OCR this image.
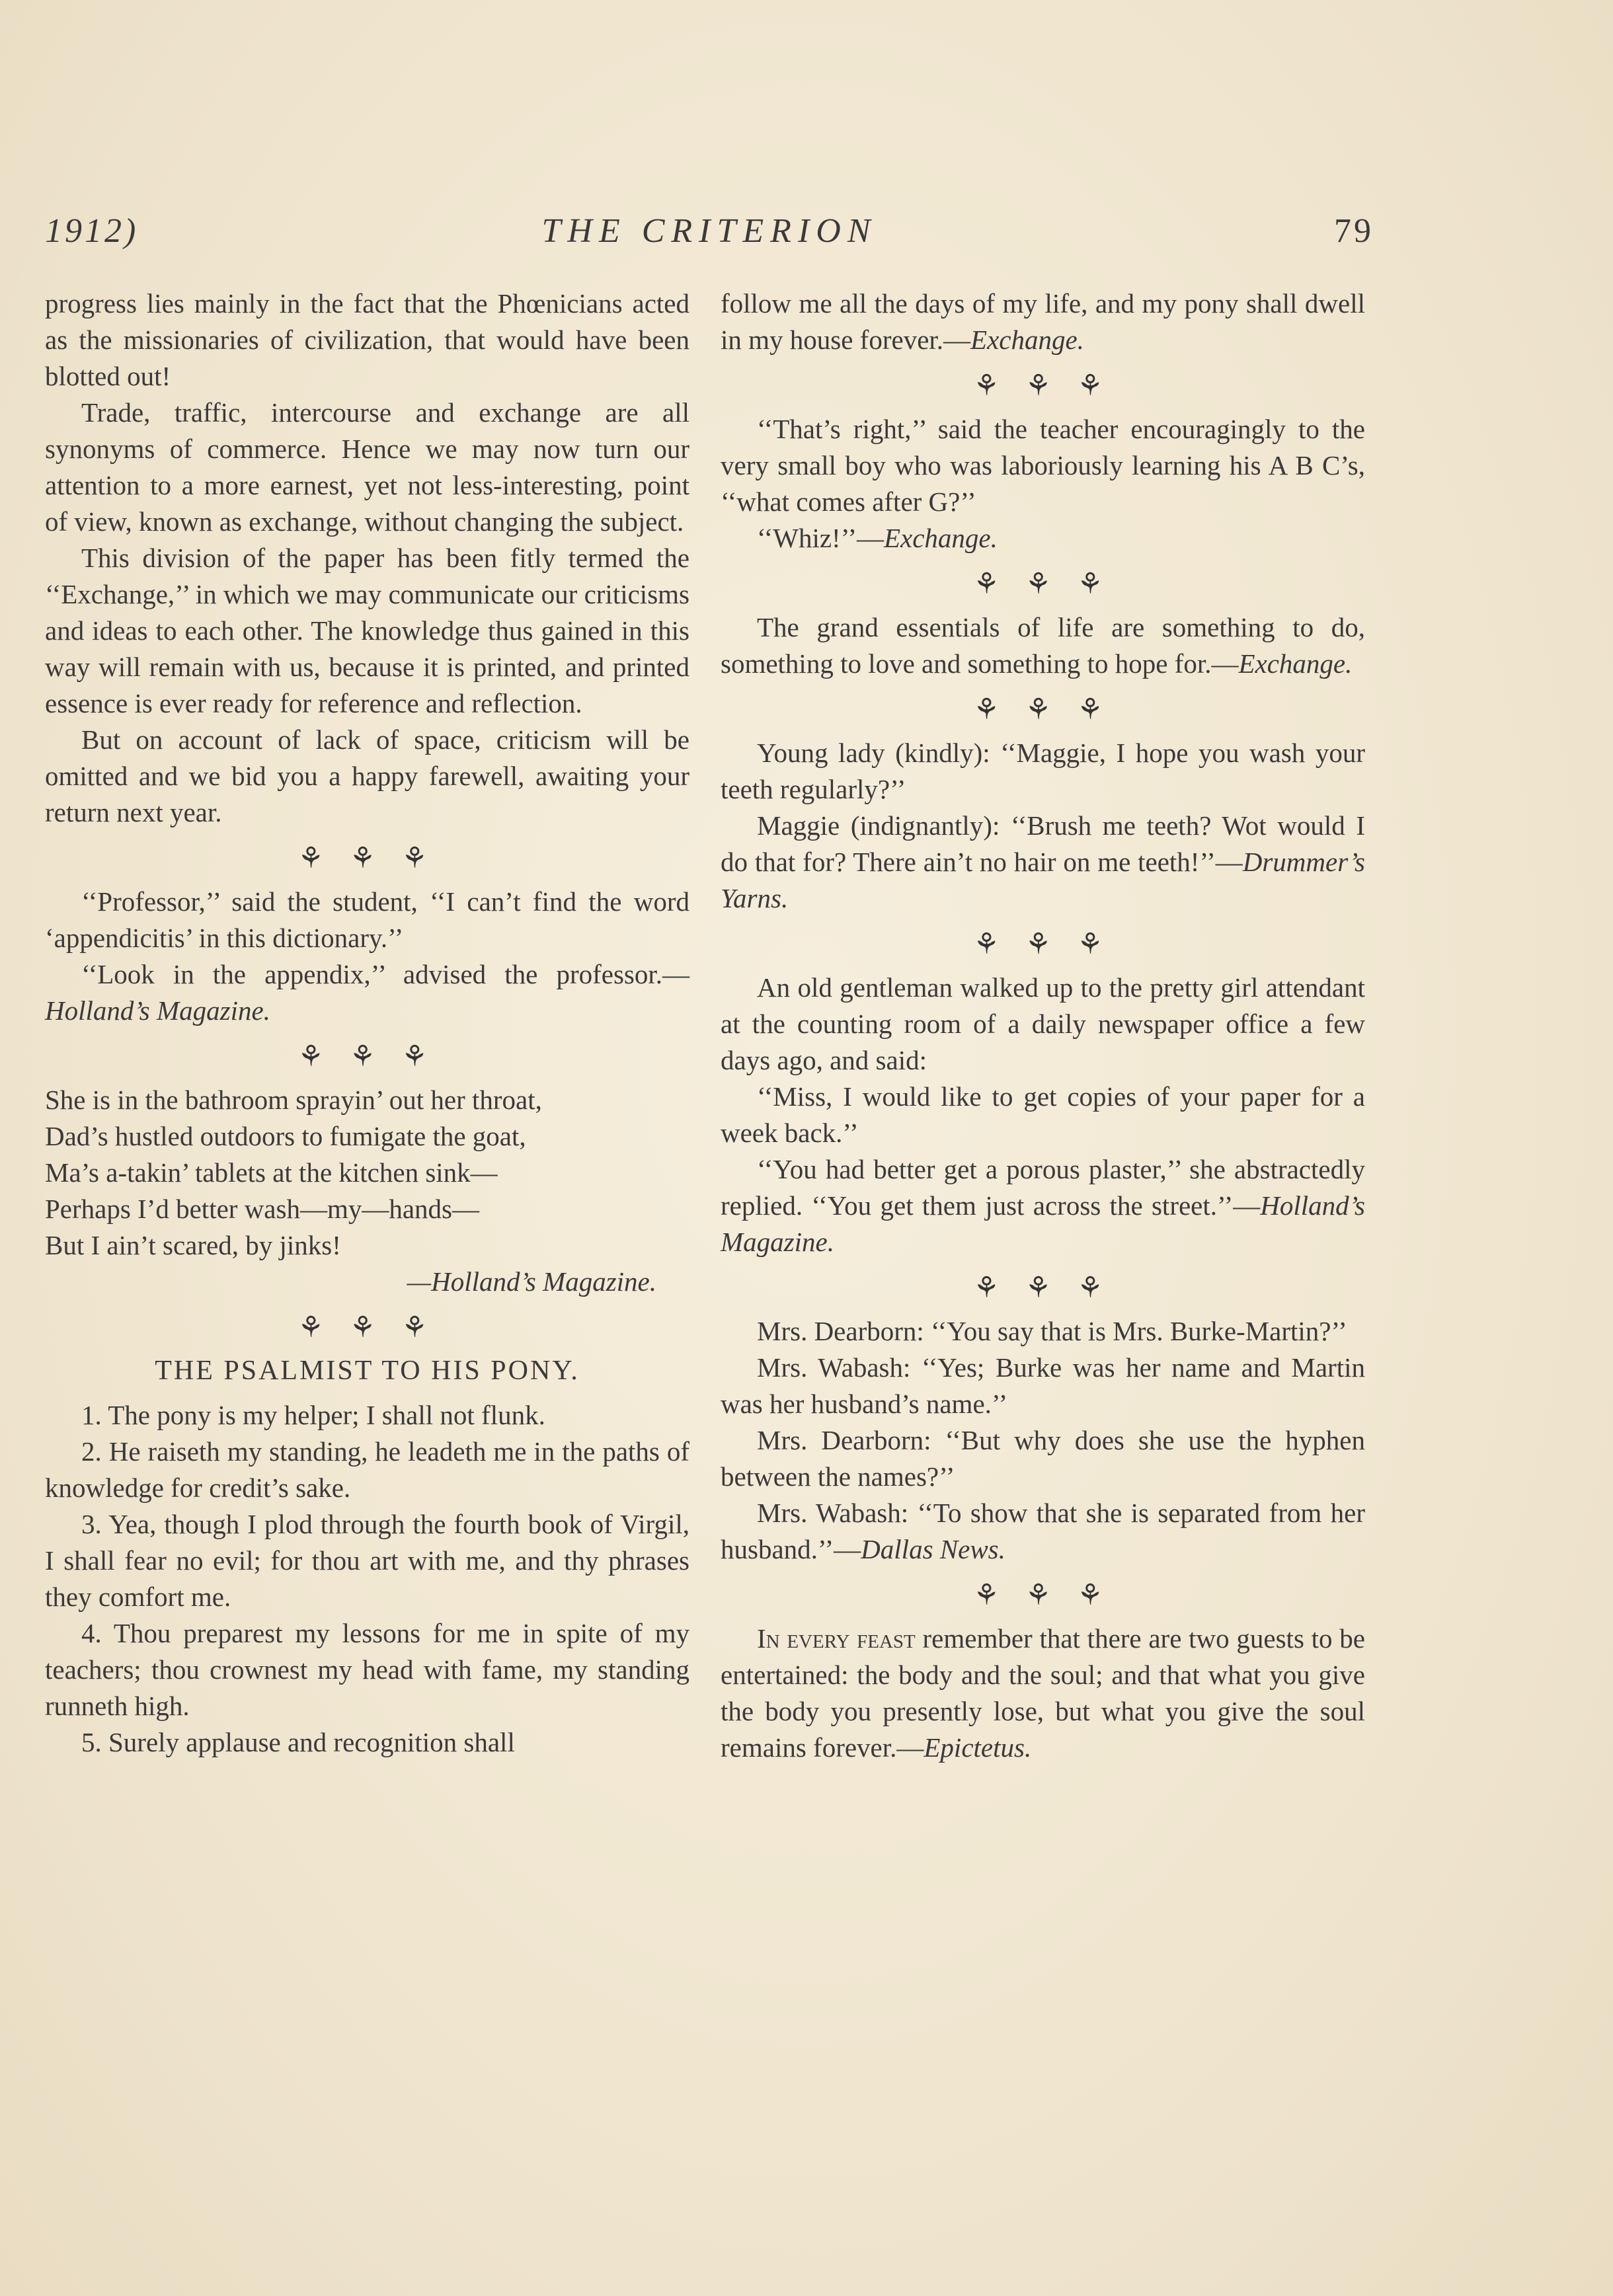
1912)	THE CRITERION	79

progress lies mainly in the fact that the Phœnicians acted as the missionaries of civilization, that would have been blotted out!

Trade, traffic, intercourse and exchange are all synonyms of commerce. Hence we may now turn our attention to a more earnest, yet not less-interesting, point of view, known as exchange, without changing the subject.

This division of the paper has been fitly termed the ‘‘Exchange,’’ in which we may communicate our criticisms and ideas to each other. The knowledge thus gained in this way will remain with us, because it is printed, and printed essence is ever ready for reference and reflection.

But on account of lack of space, criticism will be omitted and we bid you a happy farewell, awaiting your return next year.

⚘ ⚘ ⚘

‘‘Professor,’’ said the student, ‘‘I can’t find the word ‘appendicitis’ in this dictionary.’’

‘‘Look in the appendix,’’ advised the professor.—Holland’s Magazine.

⚘ ⚘ ⚘
She is in the bathroom sprayin’ out her throat,
Dad’s hustled outdoors to fumigate the goat,
Ma’s a-takin’ tablets at the kitchen sink—
Perhaps I’d better wash—my—hands—
But I ain’t scared, by jinks!
—Holland’s Magazine.
⚘ ⚘ ⚘
THE PSALMIST TO HIS PONY.

1. The pony is my helper; I shall not flunk.

2. He raiseth my standing, he leadeth me in the paths of knowledge for credit’s sake.

3. Yea, though I plod through the fourth book of Virgil, I shall fear no evil; for thou art with me, and thy phrases they comfort me.

4. Thou preparest my lessons for me in spite of my teachers; thou crownest my head with fame, my standing runneth high.

5. Surely applause and recognition shall

follow me all the days of my life, and my pony shall dwell in my house forever.—Exchange.

⚘ ⚘ ⚘

‘‘That’s right,’’ said the teacher encouragingly to the very small boy who was laboriously learning his A B C’s, ‘‘what comes after G?’’

‘‘Whiz!’’—Exchange.

⚘ ⚘ ⚘

The grand essentials of life are something to do, something to love and something to hope for.—Exchange.

⚘ ⚘ ⚘

Young lady (kindly): ‘‘Maggie, I hope you wash your teeth regularly?’’

Maggie (indignantly): ‘‘Brush me teeth? Wot would I do that for? There ain’t no hair on me teeth!’’—Drummer’s Yarns.

⚘ ⚘ ⚘

An old gentleman walked up to the pretty girl attendant at the counting room of a daily newspaper office a few days ago, and said:

‘‘Miss, I would like to get copies of your paper for a week back.’’

‘‘You had better get a porous plaster,’’ she abstractedly replied. ‘‘You get them just across the street.’’—Holland’s Magazine.

⚘ ⚘ ⚘

Mrs. Dearborn: ‘‘You say that is Mrs. Burke-Martin?’’

Mrs. Wabash: ‘‘Yes; Burke was her name and Martin was her husband’s name.’’

Mrs. Dearborn: ‘‘But why does she use the hyphen between the names?’’

Mrs. Wabash: ‘‘To show that she is separated from her husband.’’—Dallas News.

⚘ ⚘ ⚘

In every feast remember that there are two guests to be entertained: the body and the soul; and that what you give the body you presently lose, but what you give the soul remains forever.—Epictetus.
